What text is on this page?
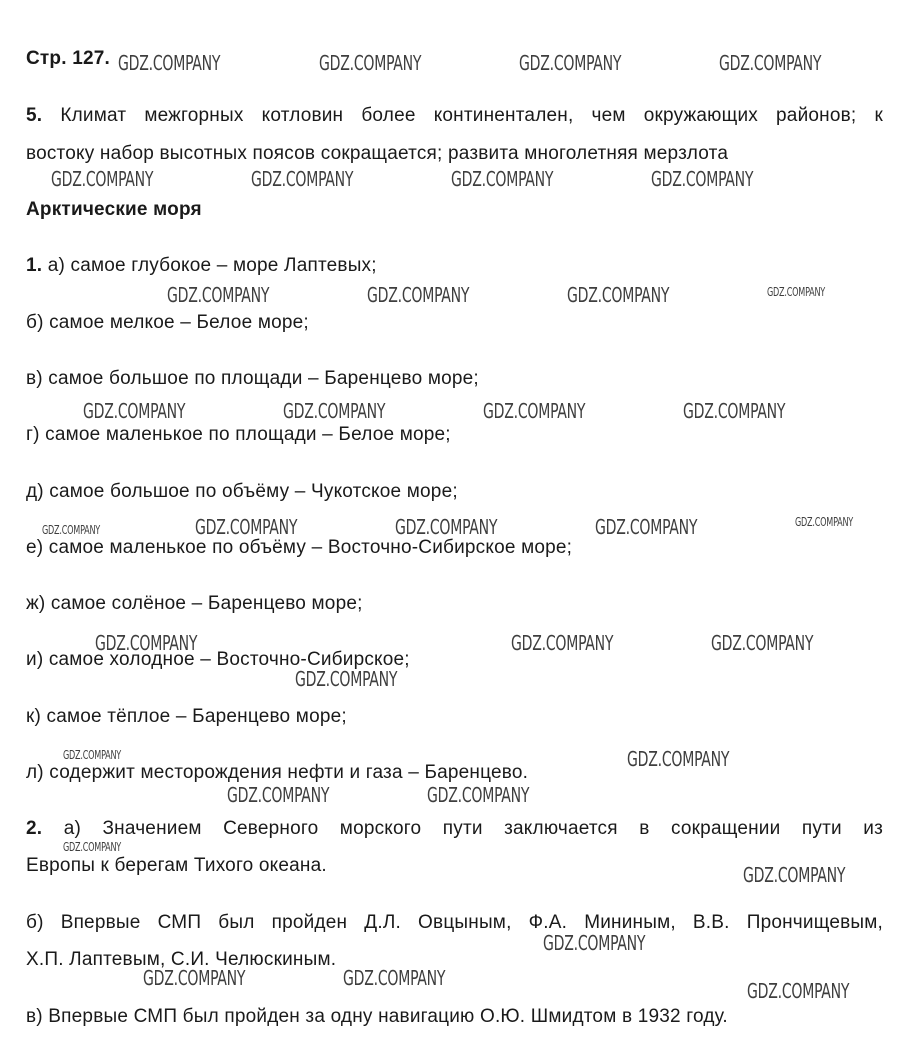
Стр. 127.
5. Климат межгорных котловин более континентален, чем окружающих районов; к
востоку набор высотных поясов сокращается; развита многолетняя мерзлота
Арктические моря
1. а) самое глубокое – море Лаптевых;
б) самое мелкое – Белое море;
в) самое большое по площади – Баренцево море;
г) самое маленькое по площади – Белое море;
д) самое большое по объёму – Чукотское море;
е) самое маленькое по объёму – Восточно-Сибирское море;
ж) самое солёное – Баренцево море;
и) самое холодное – Восточно-Сибирское;
к) самое тёплое – Баренцево море;
л) содержит месторождения нефти и газа – Баренцево.
2. а) Значением Северного морского пути заключается в сокращении пути из
Европы к берегам Тихого океана.
б) Впервые СМП был пройден Д.Л. Овцыным, Ф.А. Мининым, В.В. Прончищевым,
Х.П. Лаптевым, С.И. Челюскиным.
в) Впервые СМП был пройден за одну навигацию О.Ю. Шмидтом в 1932 году.
GDZ.COMPANY	GDZ.COMPANY	GDZ.COMPANY	GDZ.COMPANY
GDZ.COMPANY	GDZ.COMPANY	GDZ.COMPANY	GDZ.COMPANY
GDZ.COMPANY	GDZ.COMPANY	GDZ.COMPANY	GDZ.COMPANY
GDZ.COMPANY	GDZ.COMPANY	GDZ.COMPANY	GDZ.COMPANY
GDZ.COMPANY	GDZ.COMPANY	GDZ.COMPANY	GDZ.COMPANY	GDZ.COMPANY
GDZ.COMPANY	GDZ.COMPANY	GDZ.COMPANY
GDZ.COMPANY
GDZ.COMPANY	GDZ.COMPANY
GDZ.COMPANY	GDZ.COMPANY
GDZ.COMPANY
GDZ.COMPANY
GDZ.COMPANY
GDZ.COMPANY	GDZ.COMPANY
GDZ.COMPANY
